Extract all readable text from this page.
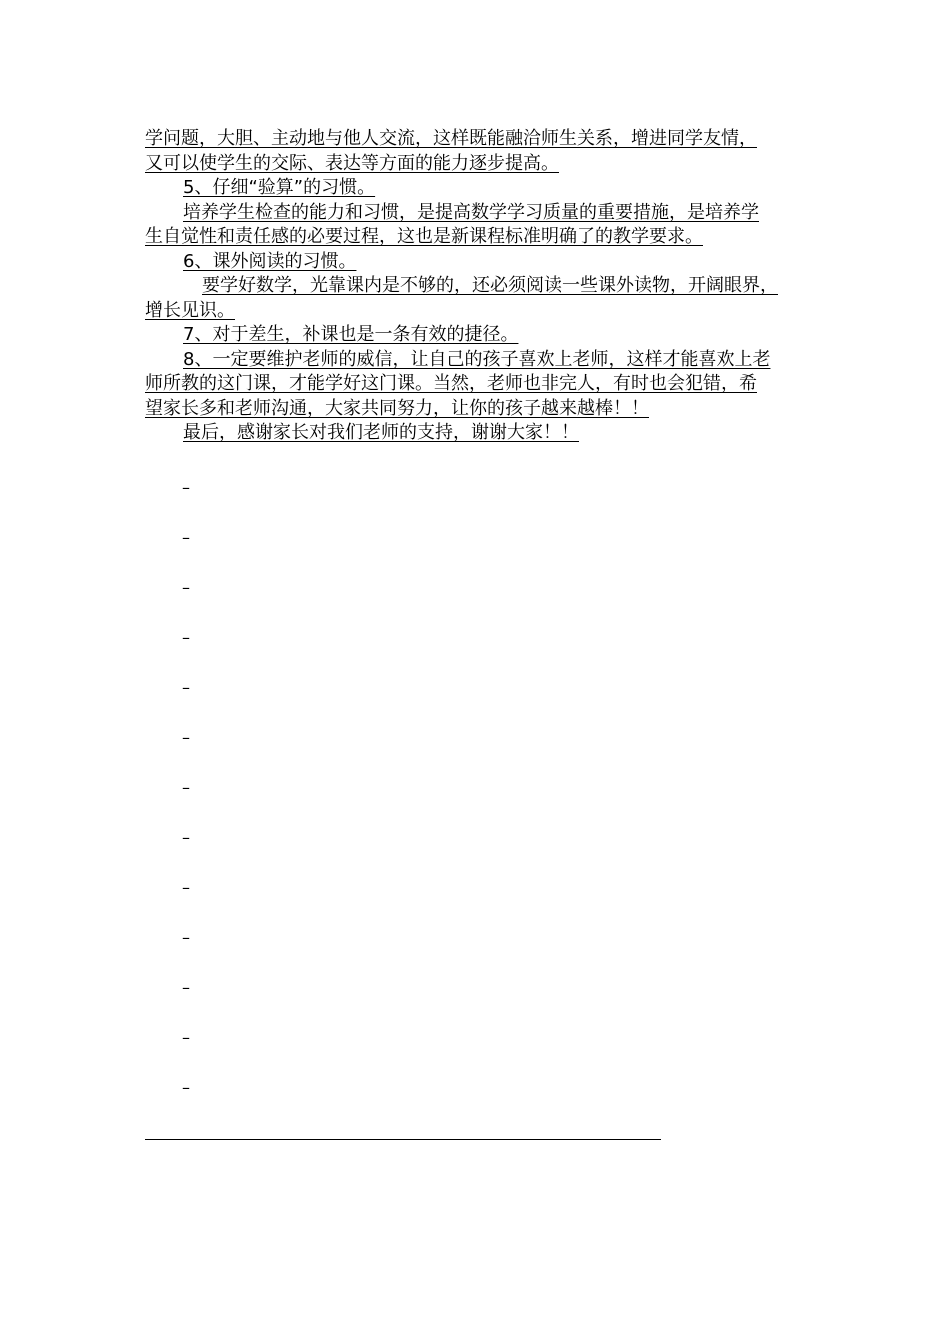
学问题，大胆、主动地与他人交流，这样既能融洽师生关系，增进同学友情，
又可以使学生的交际、表达等方面的能力逐步提高。
5、仔细“验算”的习惯。
培养学生检查的能力和习惯，是提高数学学习质量的重要措施，是培养学
生自觉性和责任感的必要过程，这也是新课程标准明确了的教学要求。
6、课外阅读的习惯。
要学好数学，光靠课内是不够的，还必须阅读一些课外读物，开阔眼界，
增长见识。
7、对于差生，补课也是一条有效的捷径。
8、一定要维护老师的威信，让自己的孩子喜欢上老师，这样才能喜欢上老
师所教的这门课，才能学好这门课。当然，老师也非完人，有时也会犯错，希
望家长多和老师沟通，大家共同努力，让你的孩子越来越棒！！
最后，感谢家长对我们老师的支持，谢谢大家！！
–
–
–
–
–
–
–
–
–
–
–
–
–
